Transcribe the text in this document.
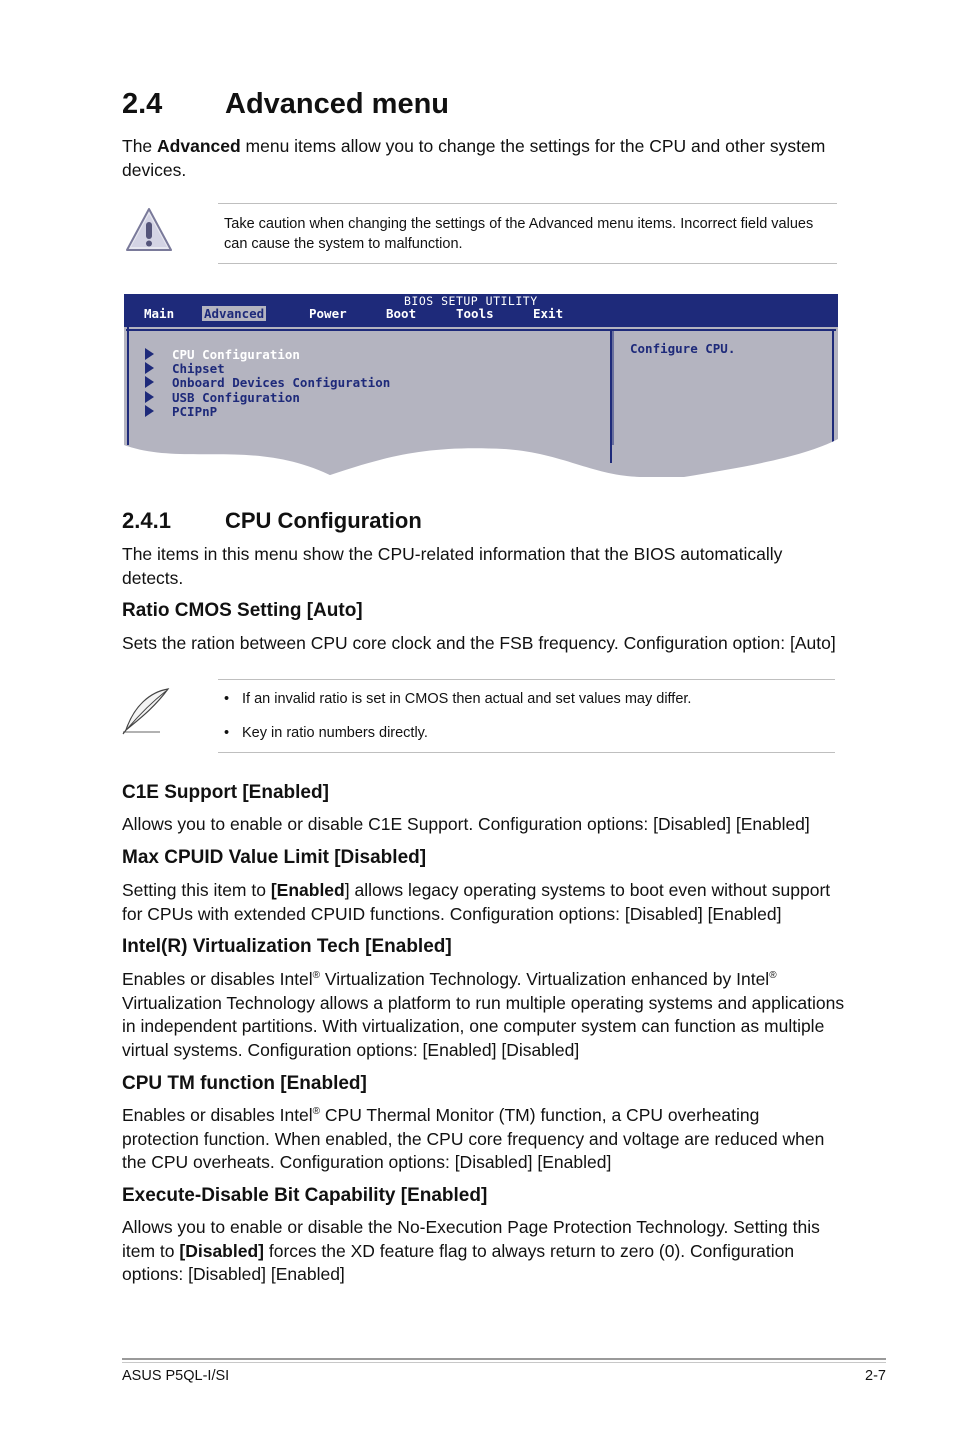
2.4 Advanced menu

The Advanced menu items allow you to change the settings for the CPU and other system devices.

Take caution when changing the settings of the Advanced menu items. Incorrect field values can cause the system to malfunction.
BIOS SETUP UTILITY
Main Advanced	Power	Boot	Tools	Exit
CPU Configuration
Chipset
Onboard Devices Configuration
USB Configuration
PCIPnP
Configure CPU.
2.4.1 CPU Configuration

The items in this menu show the CPU-related information that the BIOS automatically detects.

Ratio CMOS Setting [Auto]

Sets the ration between CPU core clock and the FSB frequency. Configuration option: [Auto]

• If an invalid ratio is set in CMOS then actual and set values may differ.
• Key in ratio numbers directly.
C1E Support [Enabled]

Allows you to enable or disable C1E Support. Configuration options: [Disabled] [Enabled]

Max CPUID Value Limit [Disabled]

Setting this item to [Enabled] allows legacy operating systems to boot even without support
for CPUs with extended CPUID functions. Configuration options: [Disabled] [Enabled]

Intel(R) Virtualization Tech [Enabled]

Enables or disables Intel® Virtualization Technology. Virtualization enhanced by Intel®
Virtualization Technology allows a platform to run multiple operating systems and applications
in independent partitions. With virtualization, one computer system can function as multiple
virtual systems. Configuration options: [Enabled] [Disabled]

CPU TM function [Enabled]

Enables or disables Intel® CPU Thermal Monitor (TM) function, a CPU overheating
protection function. When enabled, the CPU core frequency and voltage are reduced when
the CPU overheats. Configuration options: [Disabled] [Enabled]

Execute-Disable Bit Capability [Enabled]

Allows you to enable or disable the No-Execution Page Protection Technology. Setting this
item to [Disabled] forces the XD feature flag to always return to zero (0). Configuration
options: [Disabled] [Enabled]

ASUS P5QL-I/SI	2-7
